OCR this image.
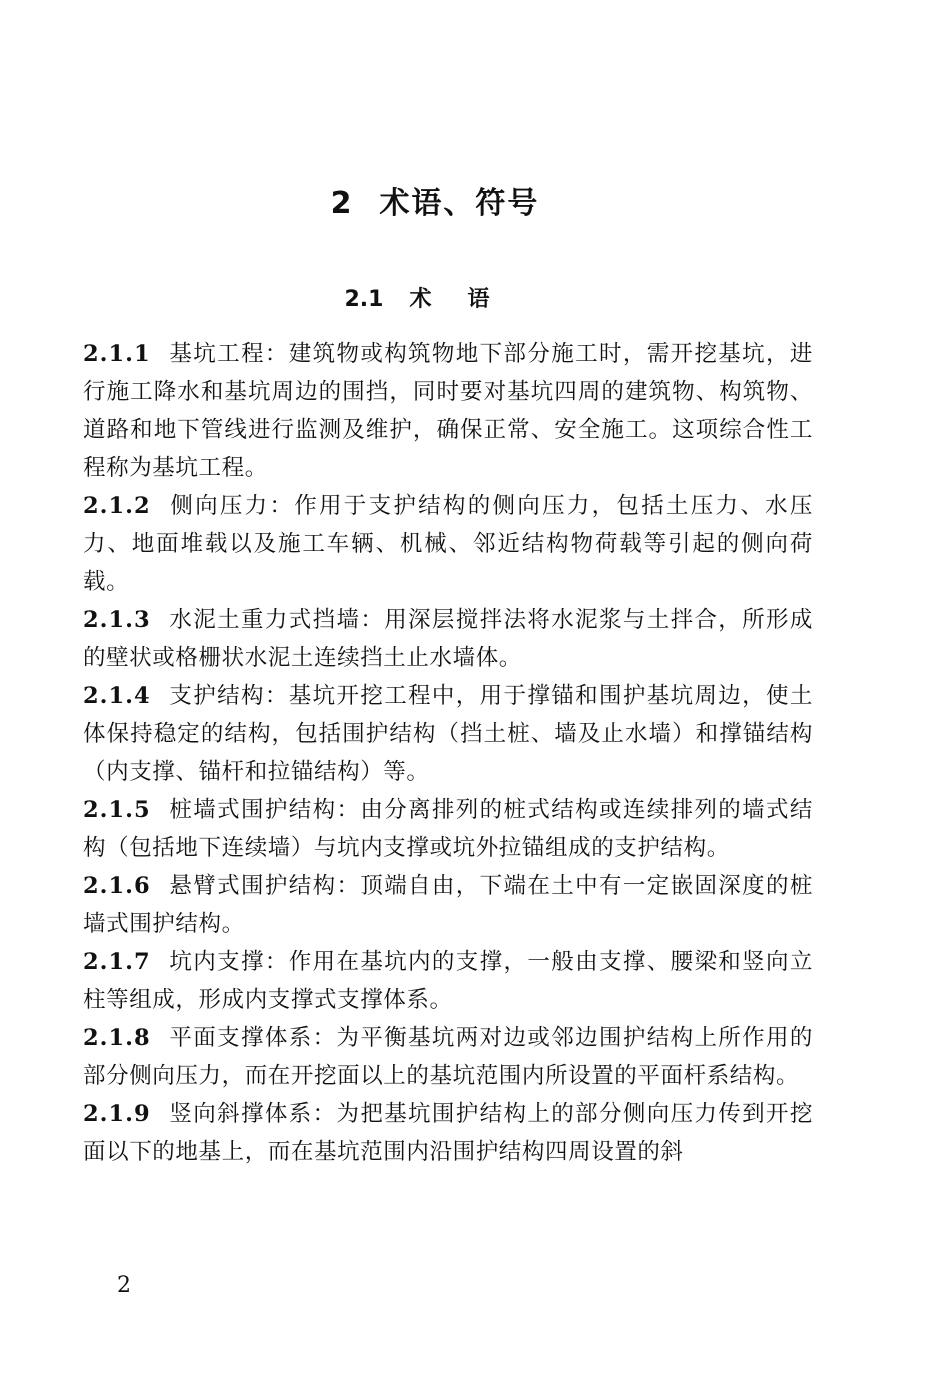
2 术语、符号
2.1 术语

2.1.1 基坑工程：建筑物或构筑物地下部分施工时，需开挖基坑，进行施工降水和基坑周边的围挡，同时要对基坑四周的建筑物、构筑物、道路和地下管线进行监测及维护，确保正常、安全施工。这项综合性工程称为基坑工程。

2.1.2 侧向压力：作用于支护结构的侧向压力，包括土压力、水压力、地面堆载以及施工车辆、机械、邻近结构物荷载等引起的侧向荷载。

2.1.3 水泥土重力式挡墙：用深层搅拌法将水泥浆与土拌合，所形成的壁状或格栅状水泥土连续挡土止水墙体。

2.1.4 支护结构：基坑开挖工程中，用于撑锚和围护基坑周边，使土体保持稳定的结构，包括围护结构（挡土桩、墙及止水墙）和撑锚结构（内支撑、锚杆和拉锚结构）等。

2.1.5 桩墙式围护结构：由分离排列的桩式结构或连续排列的墙式结构（包括地下连续墙）与坑内支撑或坑外拉锚组成的支护结构。

2.1.6 悬臂式围护结构：顶端自由，下端在土中有一定嵌固深度的桩墙式围护结构。

2.1.7 坑内支撑：作用在基坑内的支撑，一般由支撑、腰梁和竖向立柱等组成，形成内支撑式支撑体系。

2.1.8 平面支撑体系：为平衡基坑两对边或邻边围护结构上所作用的部分侧向压力，而在开挖面以上的基坑范围内所设置的平面杆系结构。

2.1.9 竖向斜撑体系：为把基坑围护结构上的部分侧向压力传到开挖面以下的地基上，而在基坑范围内沿围护结构四周设置的斜

2
